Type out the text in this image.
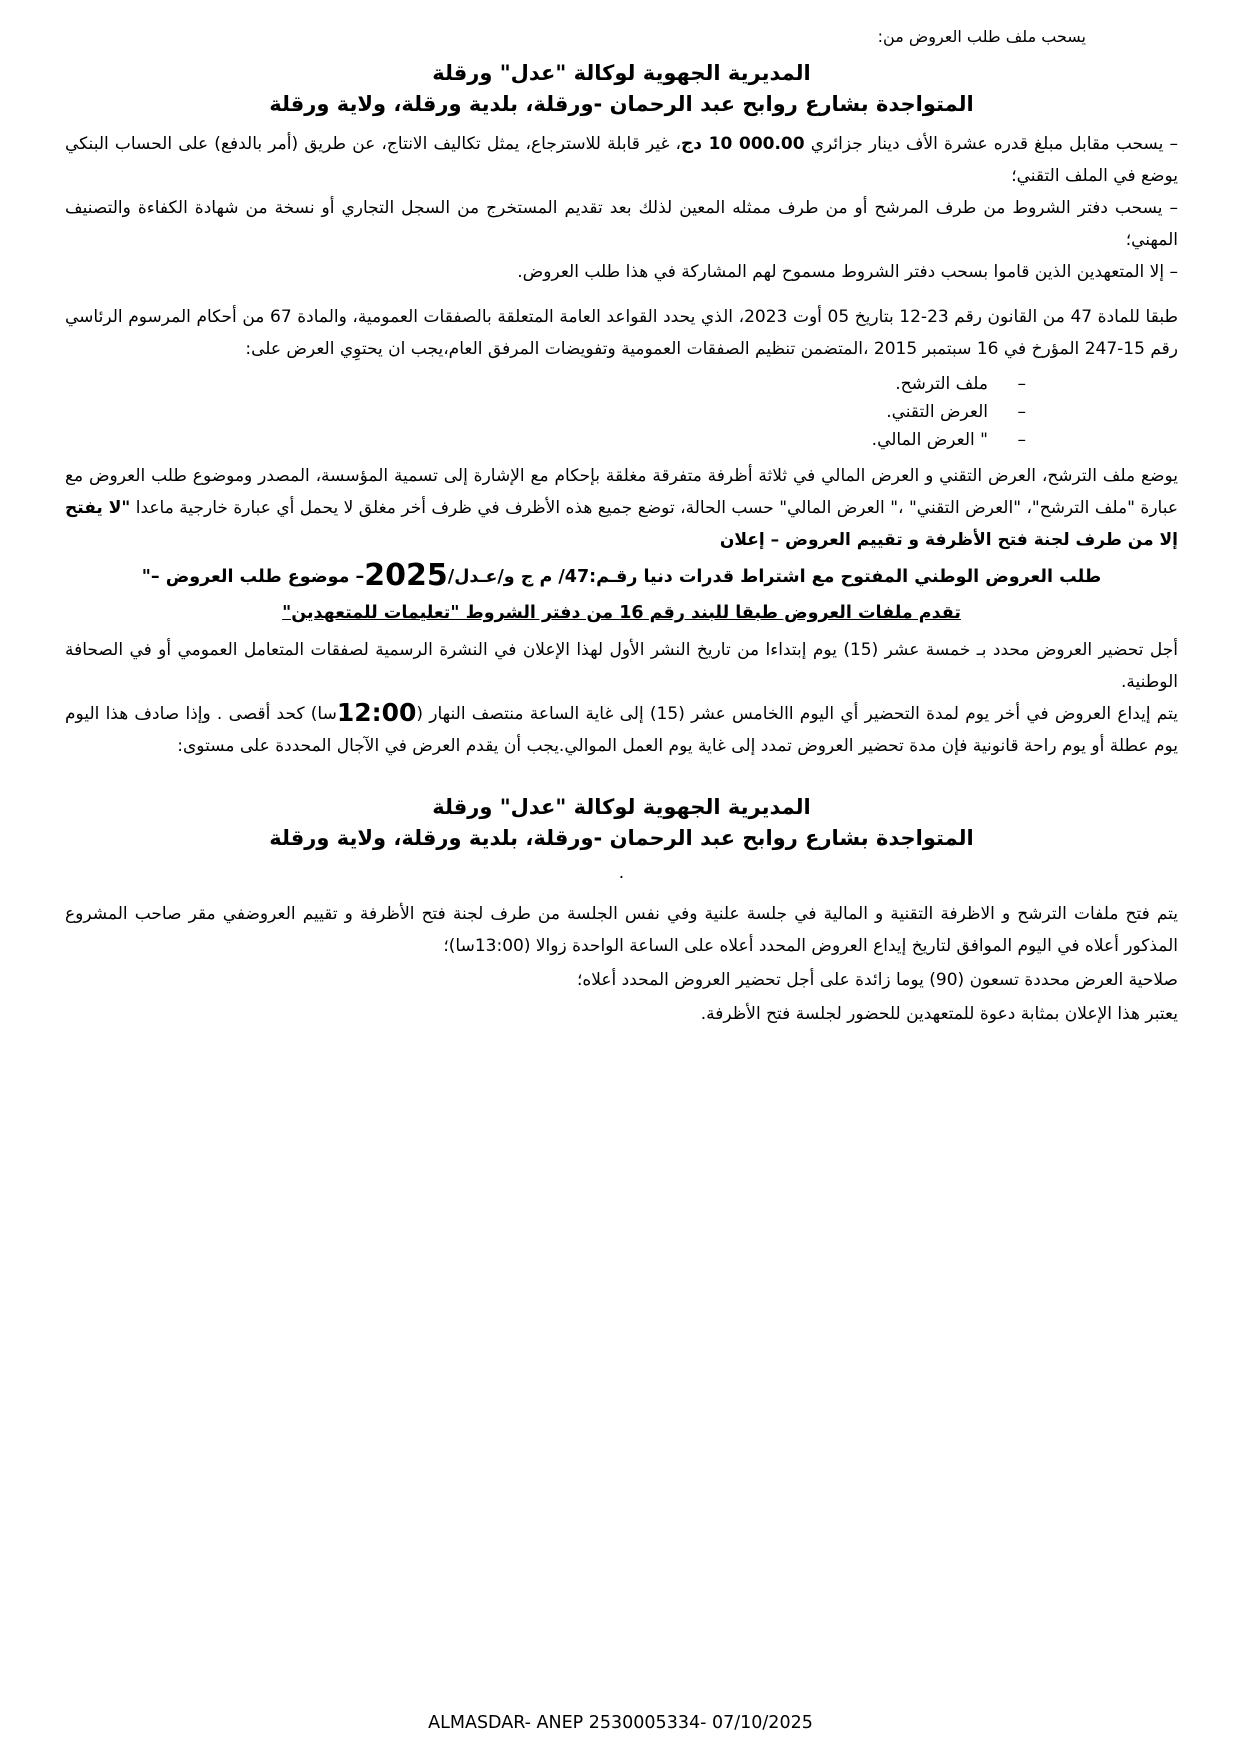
يسحب ملف طلب العروض من:
المديرية الجهوية لوكالة "عدل" ورقلة
المتواجدة بشارع روابح عبد الرحمان -ورقلة، بلدية ورقلة، ولاية ورقلة

– يسحب مقابل مبلغ قدره عشرة الأف دينار جزائري 10 000.00 دج، غير قابلة للاسترجاع، يمثل تكاليف الانتاج، عن طريق (أمر بالدفع) على الحساب البنكي يوضع في الملف التقني؛

– يسحب دفتر الشروط من طرف المرشح أو من طرف ممثله المعين لذلك بعد تقديم المستخرج من السجل التجاري أو نسخة من شهادة الكفاءة والتصنيف المهني؛

– إلا المتعهدين الذين قاموا بسحب دفتر الشروط مسموح لهم المشاركة في هذا طلب العروض.

طبقا للمادة 47 من القانون رقم 23-12 بتاريخ 05 أوت 2023، الذي يحدد القواعد العامة المتعلقة بالصفقات العمومية، والمادة 67 من أحكام المرسوم الرئاسي رقم 15-247 المؤرخ في 16 سبتمبر 2015 ،المتضمن تنظيم الصفقات العمومية وتفويضات المرفق العام،يجب ان يحتوِي العرض على:

–ملف الترشح.
–العرض التقني.
–" العرض المالي.

يوضع ملف الترشح، العرض التقني و العرض المالي في ثلاثة أظرفة متفرقة مغلقة بإحكام مع الإشارة إلى تسمية المؤسسة، المصدر وموضوع طلب العروض مع عبارة "ملف الترشح"، "العرض التقني" ،" العرض المالي" حسب الحالة، توضع جميع هذه الأظرف في ظرف أخر مغلق لا يحمل أي عبارة خارجية ماعدا "لا يفتح إلا من طرف لجنة فتح الأظرفة و تقييم العروض – إعلان

طلب العروض الوطني المفتوح مع اشتراط قدرات دنيا رقـم:47/ م ج و/عـدل/2025– موضوع طلب العروض –"

تقدم ملفات العروض طبقا للبند رقم 16 من دفتر الشروط "تعليمات للمتعهدين"

أجل تحضير العروض محدد بـ خمسة عشر (15) يوم إبتداءا من تاريخ النشر الأول لهذا الإعلان في النشرة الرسمية لصفقات المتعامل العمومي أو في الصحافة الوطنية.

يتم إيداع العروض في أخر يوم لمدة التحضير أي اليوم االخامس عشر (15) إلى غاية الساعة منتصف النهار (12:00سا) كحد أقصى . وإذا صادف هذا اليوم يوم عطلة أو يوم راحة قانونية فإن مدة تحضير العروض تمدد إلى غاية يوم العمل الموالي.يجب أن يقدم العرض في الآجال المحددة على مستوى:

المديرية الجهوية لوكالة "عدل" ورقلة
المتواجدة بشارع روابح عبد الرحمان -ورقلة، بلدية ورقلة، ولاية ورقلة
.

يتم فتح ملفات الترشح و الاظرفة التقنية و المالية في جلسة علنية وفي نفس الجلسة من طرف لجنة فتح الأظرفة و تقييم العروضفي مقر صاحب المشروع المذكور أعلاه في اليوم الموافق لتاريخ إيداع العروض المحدد أعلاه على الساعة الواحدة زوالا (13:00سا)؛

صلاحية العرض محددة تسعون (90) يوما زائدة على أجل تحضير العروض المحدد أعلاه؛

يعتبر هذا الإعلان بمثابة دعوة للمتعهدين للحضور لجلسة فتح الأظرفة.

ALMASDAR- ANEP 2530005334- 07/10/2025
